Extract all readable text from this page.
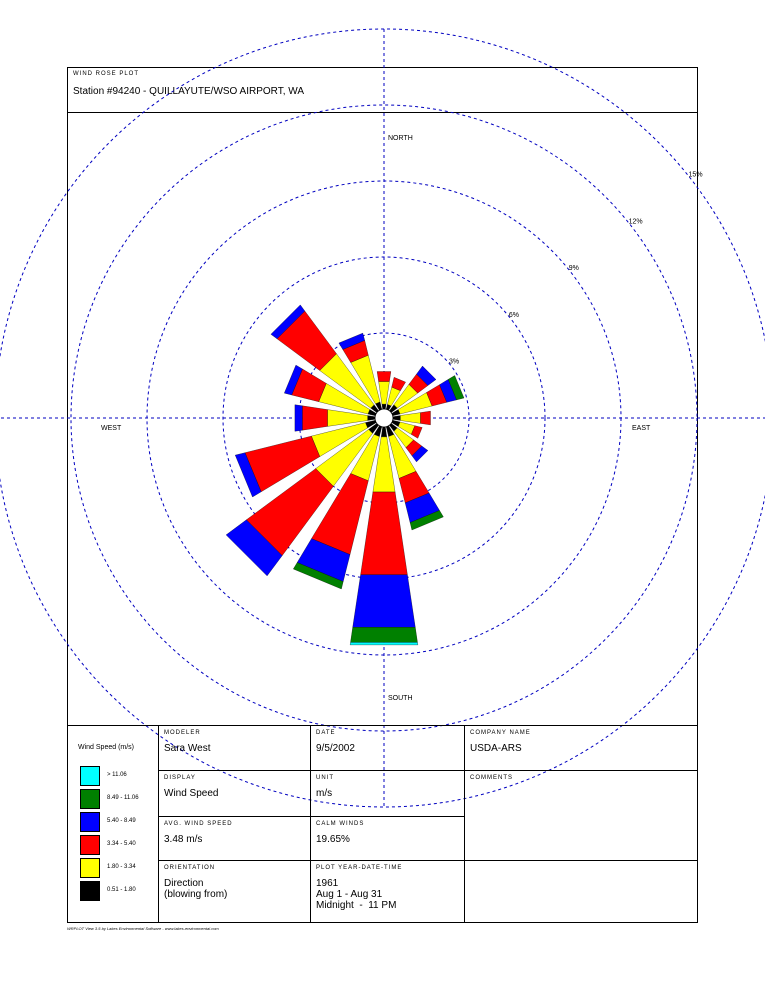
WIND ROSE PLOT
Station #94240 - QUILLAYUTE/WSO AIRPORT, WA
3%
6%
9%
12%
15%
NORTH
SOUTH
EAST
WEST
Wind Speed (m/s)
> 11.06
8.49 - 11.06
5.40 - 8.49
3.34 - 5.40
1.80 - 3.34
0.51 - 1.80
MODELER
Sara West
DATE
9/5/2002
COMPANY NAME
USDA-ARS
DISPLAY
Wind Speed
UNIT
m/s
COMMENTS
AVG. WIND SPEED
3.48 m/s
CALM WINDS
19.65%
ORIENTATION
Direction
(blowing from)
PLOT YEAR-DATE-TIME
1961
Aug 1 - Aug 31
Midnight  -  11 PM
WRPLOT View 3.5 by Lakes Environmental Software - www.lakes-environmental.com
